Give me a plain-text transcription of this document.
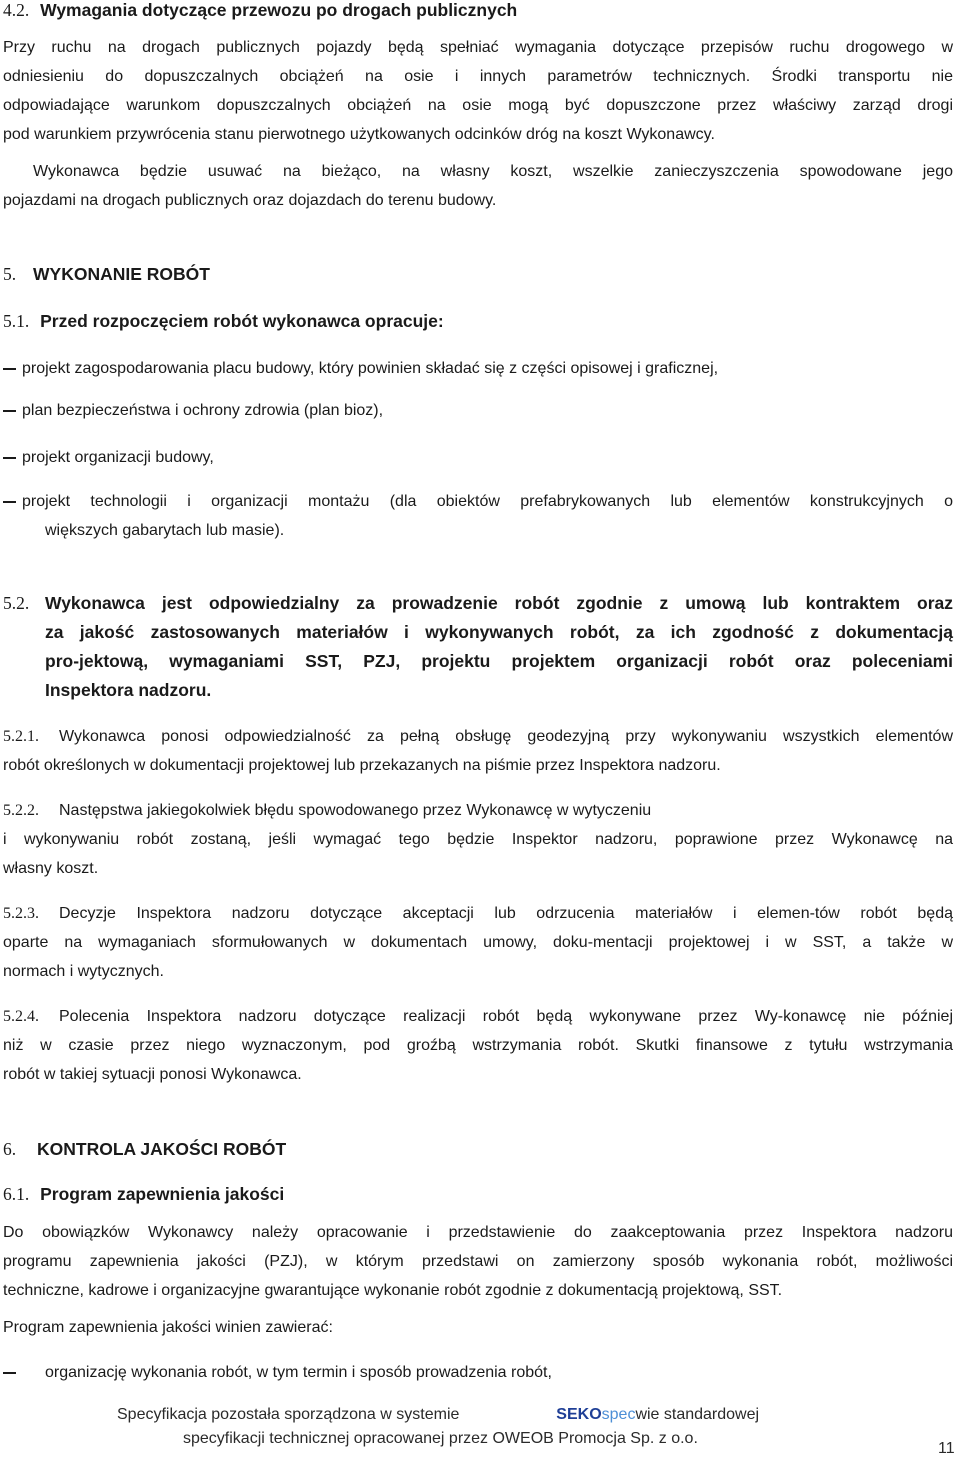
4.2. Wymagania dotyczące przewozu po drogach publicznych
Przy ruchu na drogach publicznych pojazdy będą spełniać wymagania dotyczące przepisów ruchu drogowego w
odniesieniu do dopuszczalnych obciążeń na osie i innych parametrów technicznych. Środki transportu nie
odpowiadające warunkom dopuszczalnych obciążeń na osie mogą być dopuszczone przez właściwy zarząd drogi
pod warunkiem przywrócenia stanu pierwotnego użytkowanych odcinków dróg na koszt Wykonawcy.
Wykonawca będzie usuwać na bieżąco, na własny koszt, wszelkie zanieczyszczenia spowodowane jego
pojazdami na drogach publicznych oraz dojazdach do terenu budowy.
5. WYKONANIE ROBÓT
5.1. Przed rozpoczęciem robót wykonawca opracuje:
projekt zagospodarowania placu budowy, który powinien składać się z części opisowej i graficznej,
plan bezpieczeństwa i ochrony zdrowia (plan bioz),
projekt organizacji budowy,
projekt technologii i organizacji montażu (dla obiektów prefabrykowanych lub elementów konstrukcyjnych o
większych gabarytach lub masie).
5.2. Wykonawca jest odpowiedzialny za prowadzenie robót zgodnie z umową lub kontraktem oraz
za jakość zastosowanych materiałów i wykonywanych robót, za ich zgodność z dokumentacją
pro-jektową, wymaganiami SST, PZJ, projektu projektem organizacji robót oraz poleceniami
Inspektora nadzoru.
5.2.1. Wykonawca ponosi odpowiedzialność za pełną obsługę geodezyjną przy wykonywaniu wszystkich elementów
robót określonych w dokumentacji projektowej lub przekazanych na piśmie przez Inspektora nadzoru.
5.2.2. Następstwa jakiegokolwiek błędu spowodowanego przez Wykonawcę w wytyczeniu
i wykonywaniu robót zostaną, jeśli wymagać tego będzie Inspektor nadzoru, poprawione przez Wykonawcę na
własny koszt.
5.2.3. Decyzje Inspektora nadzoru dotyczące akceptacji lub odrzucenia materiałów i elemen-tów robót będą
oparte na wymaganiach sformułowanych w dokumentach umowy, doku-mentacji projektowej i w SST, a także w
normach i wytycznych.
5.2.4. Polecenia Inspektora nadzoru dotyczące realizacji robót będą wykonywane przez Wy-konawcę nie później
niż w czasie przez niego wyznaczonym, pod groźbą wstrzymania robót. Skutki finansowe z tytułu wstrzymania
robót w takiej sytuacji ponosi Wykonawca.
6. KONTROLA JAKOŚCI ROBÓT
6.1. Program zapewnienia jakości
Do obowiązków Wykonawcy należy opracowanie i przedstawienie do zaakceptowania przez Inspektora nadzoru
programu zapewnienia jakości (PZJ), w którym przedstawi on zamierzony sposób wykonania robót, możliwości
techniczne, kadrowe i organizacyjne gwarantujące wykonanie robót zgodnie z dokumentacją projektową, SST.
Program zapewnienia jakości winien zawierać:
organizację wykonania robót, w tym termin i sposób prowadzenia robót,
Specyfikacja pozostała sporządzona w systemie	SEKOspecwie standardowej
specyfikacji technicznej opracowanej przez OWEOB Promocja Sp. z o.o.
11
